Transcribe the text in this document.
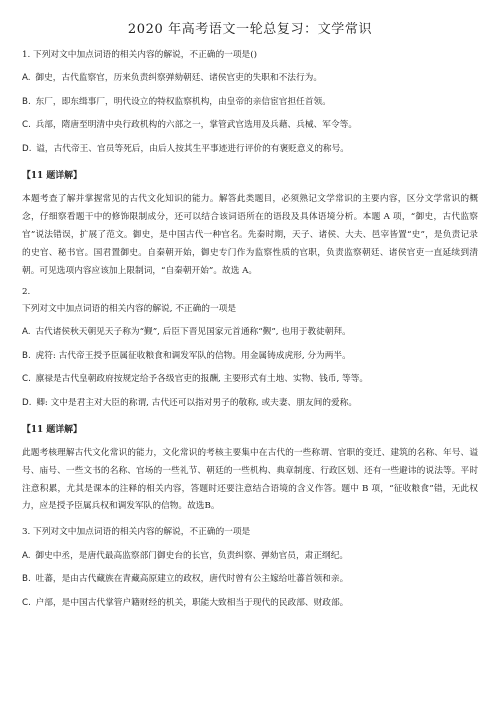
2020 年高考语文一轮总复习：文学常识
1. 下列对文中加点词语的相关内容的解说，不正确的一项是()
A. 御史，古代监察官，历来负责纠察弹劾朝廷、诸侯官吏的失职和不法行为。
B. 东厂，即东缉事厂，明代设立的特权监察机构，由皇帝的亲信宦官担任首领。
C. 兵部，隋唐至明清中央行政机构的六部之一，掌管武官选用及兵藉、兵械、军令等。
D. 谥，古代帝王、官员等死后，由后人按其生平事迹进行评价的有褒贬意义的称号。
【11 题详解】
本题考查了解并掌握常见的古代文化知识的能力。解答此类题目，必须熟记文学常识的主要内容，区分文学常识的概念，仔细察看题干中的修饰限制成分，还可以结合该词语所在的语段及具体语境分析。本题 A 项，“御史，古代监察官”说法错误，扩展了范文。御史，是中国古代一种官名。先秦时期，天子、诸侯、大夫、邑宰皆置“史”，是负责记录的史官、秘书官。国君置御史。自秦朝开始，御史专门作为监察性质的官职，负责监察朝廷、诸侯官吏一直延续到清朝。可见选项内容应该加上限制词，“自秦朝开始”。故选 A。
2.
下列对文中加点词语的相关内容的解说, 不正确的一项是
A. 古代诸侯秋天朝见天子称为“觐”, 后臣下晋见国家元首通称“觐”, 也用于教徒朝拜。
B. 虎符: 古代帝王授予臣属征收粮食和调发军队的信物。用金属铸成虎形, 分为两半。
C. 廪禄是古代皇朝政府按规定给予各级官吏的报酬, 主要形式有土地、实物、钱币, 等等。
D. 卿: 文中是君主对大臣的称谓, 古代还可以指对男子的敬称, 或夫妻、朋友间的爱称。
【11 题详解】
此题考核理解古代文化常识的能力，文化常识的考核主要集中在古代的一些称谓、官职的变迁、建筑的名称、年号、谥号、庙号、一些文书的名称、官场的一些礼节、朝廷的一些机构、典章制度、行政区划、还有一些避讳的说法等。平时注意积累，尤其是课本的注释的相关内容，答题时还要注意结合语境的含义作答。题中 B 项，“征收粮食”错，无此权力，应是授予臣属兵权和调发军队的信物。故选B。
3. 下列对文中加点词语的相关内容的解说，不正确的一项是
A. 御史中丞，是唐代最高监察部门御史台的长官，负责纠察、弹劾官员，肃正纲纪。
B. 吐蕃，是由古代藏族在青藏高原建立的政权，唐代时曾有公主嫁给吐蕃首领和亲。
C. 户部，是中国古代掌管户籍财经的机关，职能大致相当于现代的民政部、财政部。
